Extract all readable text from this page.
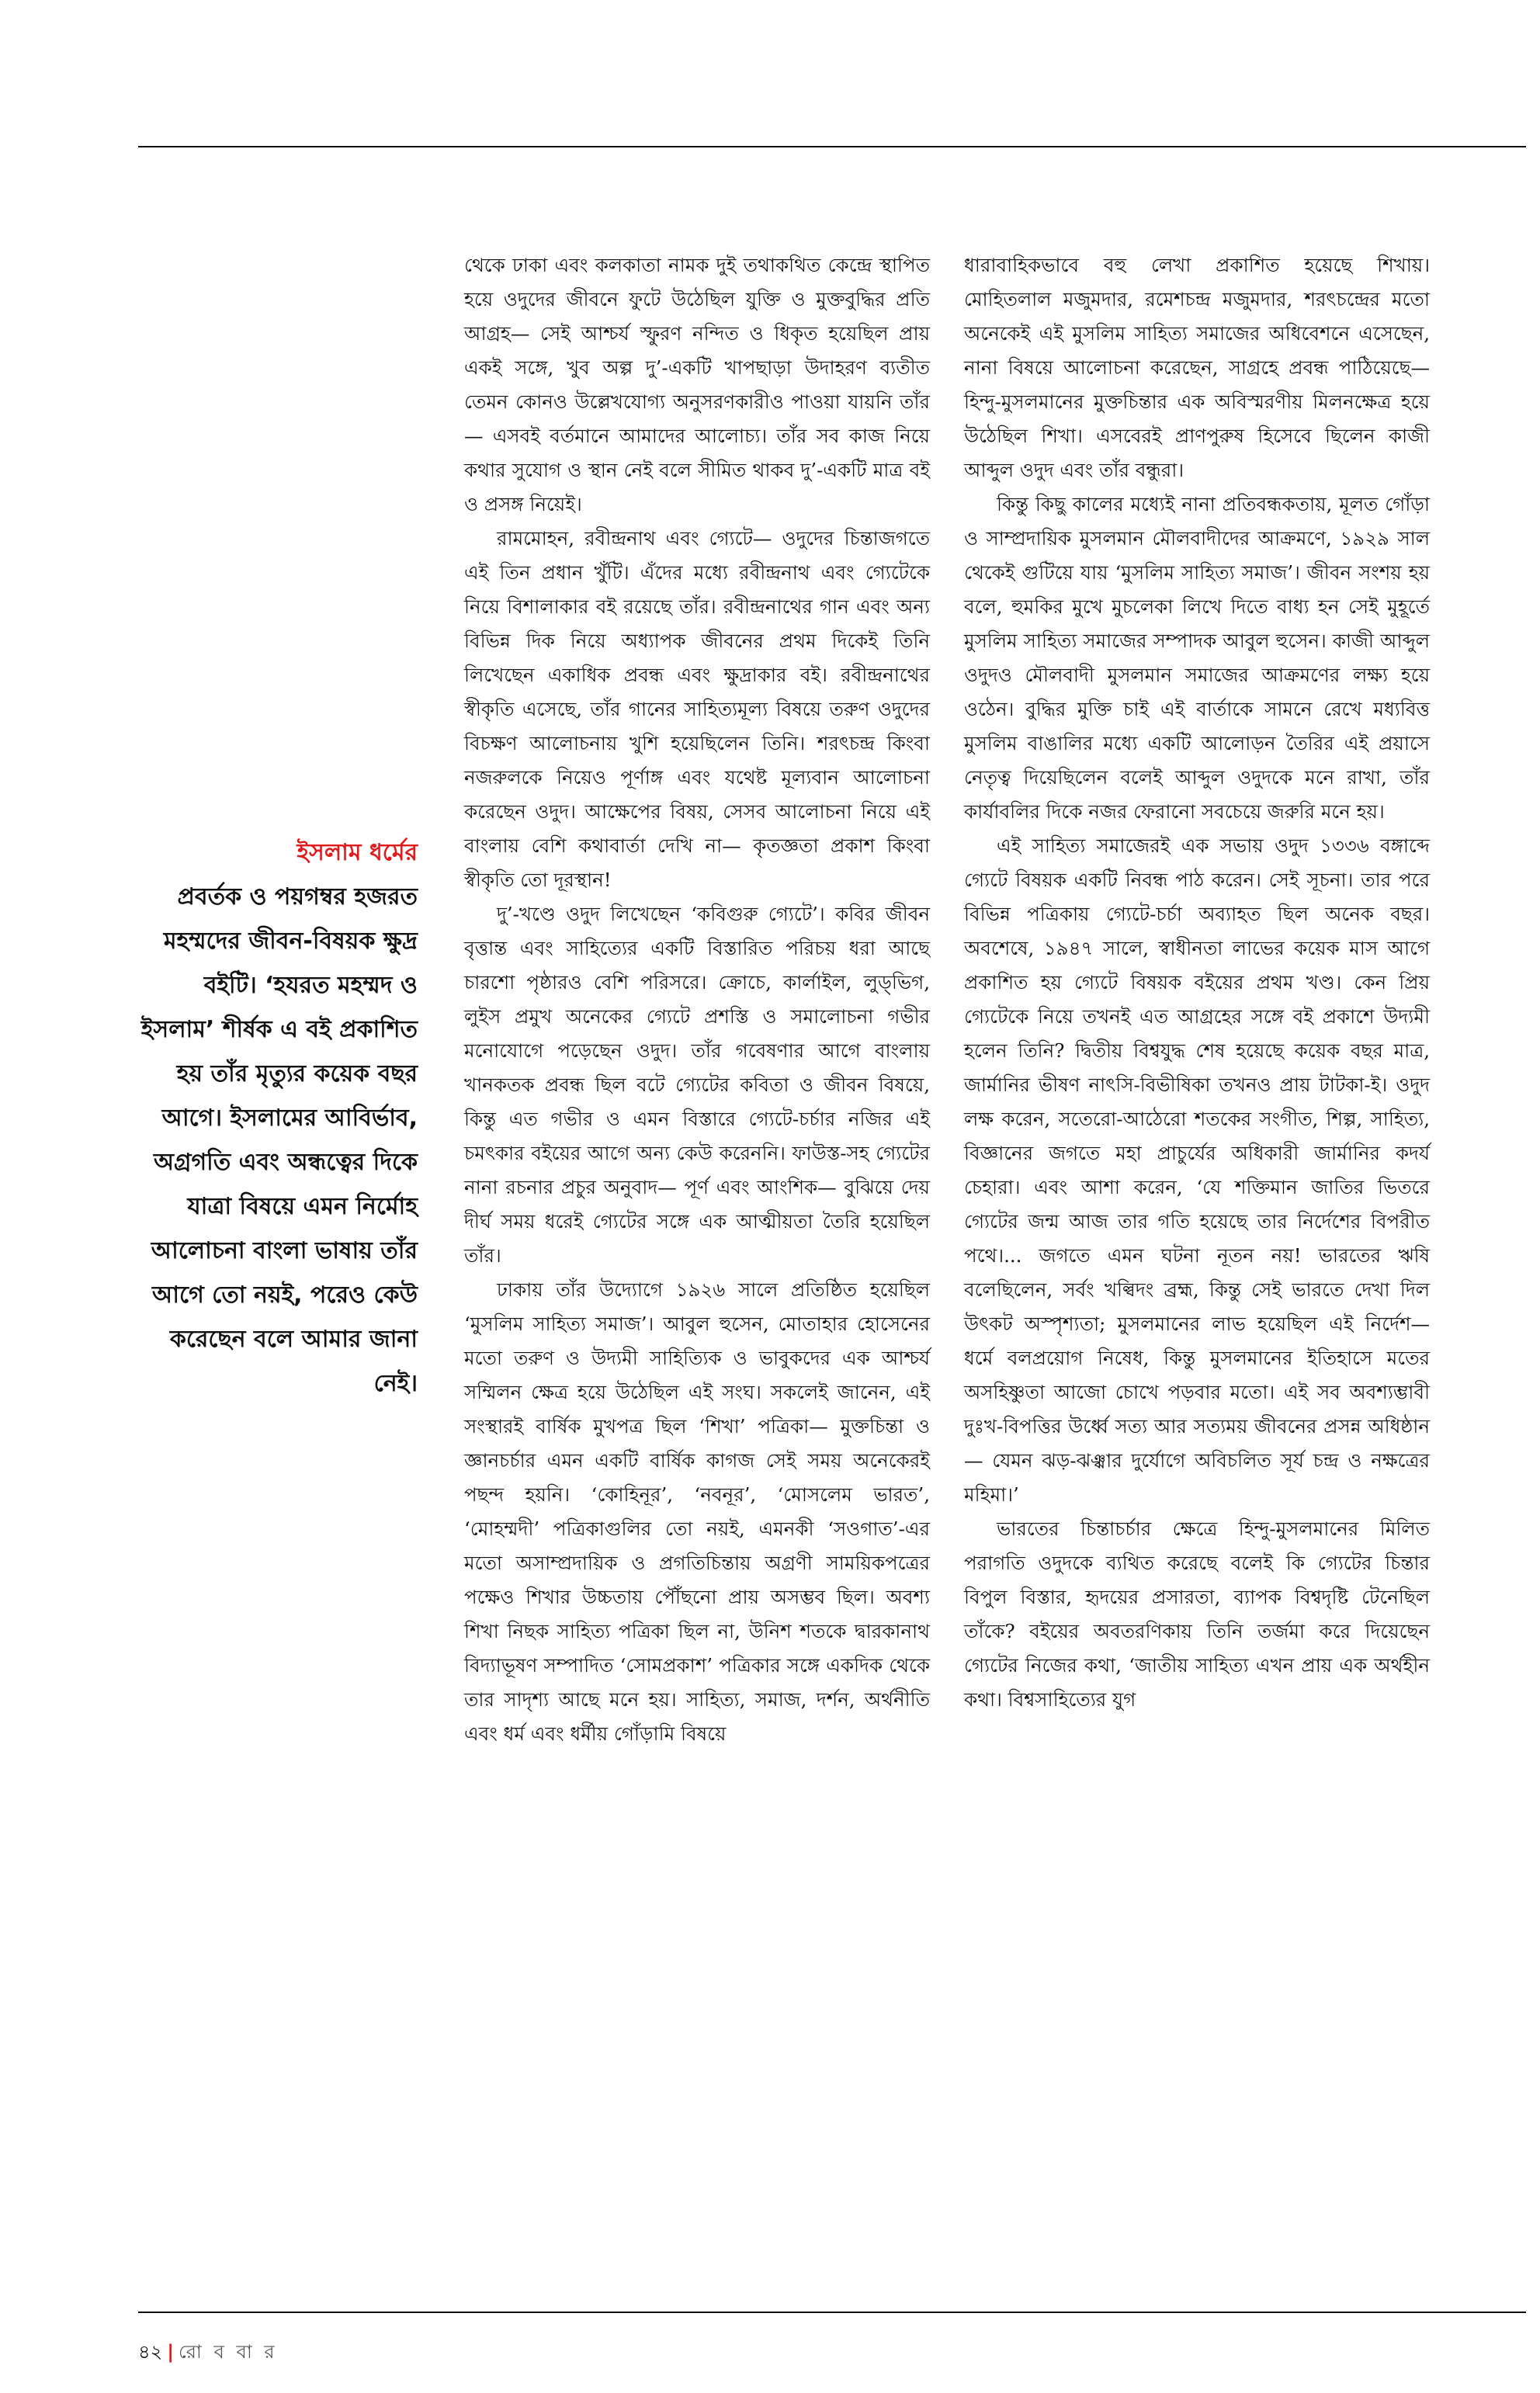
ইসলাম ধর্মের
প্রবর্তক ও পয়গম্বর হজরত মহম্মদের জীবন-বিষয়ক ক্ষুদ্র বইটি। ‘হযরত মহম্মদ ও ইসলাম’ শীর্ষক এ বই প্রকাশিত হয় তাঁর মৃত্যুর কয়েক বছর আগে। ইসলামের আবির্ভাব, অগ্রগতি এবং অন্ধত্বের দিকে যাত্রা বিষয়ে এমন নির্মোহ আলোচনা বাংলা ভাষায় তাঁর আগে তো নয়ই, পরেও কেউ করেছেন বলে আমার জানা নেই।

থেকে ঢাকা এবং কলকাতা নামক দুই তথাকথিত কেন্দ্রে স্থাপিত হয়ে ওদুদের জীবনে ফুটে উঠেছিল যুক্তি ও মুক্তবুদ্ধির প্রতি আগ্রহ— সেই আশ্চর্য স্ফুরণ নন্দিত ও ধিকৃত হয়েছিল প্রায় একই সঙ্গে, খুব অল্প দু’-একটি খাপছাড়া উদাহরণ ব্যতীত তেমন কোনও উল্লেখযোগ্য অনুসরণকারীও পাওয়া যায়নি তাঁর— এসবই বর্তমানে আমাদের আলোচ্য। তাঁর সব কাজ নিয়ে কথার সুযোগ ও স্থান নেই বলে সীমিত থাকব দু’-একটি মাত্র বই ও প্রসঙ্গ নিয়েই।

রামমোহন, রবীন্দ্রনাথ এবং গ্যেটে— ওদুদের চিন্তাজগতে এই তিন প্রধান খুঁটি। এঁদের মধ্যে রবীন্দ্রনাথ এবং গ্যেটেকে নিয়ে বিশালাকার বই রয়েছে তাঁর। রবীন্দ্রনাথের গান এবং অন্য বিভিন্ন দিক নিয়ে অধ্যাপক জীবনের প্রথম দিকেই তিনি লিখেছেন একাধিক প্রবন্ধ এবং ক্ষুদ্রাকার বই। রবীন্দ্রনাথের স্বীকৃতি এসেছে, তাঁর গানের সাহিত্যমূল্য বিষয়ে তরুণ ওদুদের বিচক্ষণ আলোচনায় খুশি হয়েছিলেন তিনি। শরৎচন্দ্র কিংবা নজরুলকে নিয়েও পূর্ণাঙ্গ এবং যথেষ্ট মূল্যবান আলোচনা করেছেন ওদুদ। আক্ষেপের বিষয়, সেসব আলোচনা নিয়ে এই বাংলায় বেশি কথাবার্তা দেখি না— কৃতজ্ঞতা প্রকাশ কিংবা স্বীকৃতি তো দূরস্থান!

দু’-খণ্ডে ওদুদ লিখেছেন ‘কবিগুরু গ্যেটে’। কবির জীবন বৃত্তান্ত এবং সাহিত্যের একটি বিস্তারিত পরিচয় ধরা আছে চারশো পৃষ্ঠারও বেশি পরিসরে। ক্রোচে, কার্লাইল, লুড্‌ভিগ, লুইস প্রমুখ অনেকের গ্যেটে প্রশস্তি ও সমালোচনা গভীর মনোযোগে পড়েছেন ওদুদ। তাঁর গবেষণার আগে বাংলায় খানকতক প্রবন্ধ ছিল বটে গ্যেটের কবিতা ও জীবন বিষয়ে, কিন্তু এত গভীর ও এমন বিস্তারে গ্যেটে-চর্চার নজির এই চমৎকার বইয়ের আগে অন্য কেউ করেননি। ফাউস্ত-সহ গ্যেটের নানা রচনার প্রচুর অনুবাদ— পূর্ণ এবং আংশিক— বুঝিয়ে দেয় দীর্ঘ সময় ধরেই গ্যেটের সঙ্গে এক আত্মীয়তা তৈরি হয়েছিল তাঁর।

ঢাকায় তাঁর উদ্যোগে ১৯২৬ সালে প্রতিষ্ঠিত হয়েছিল ‘মুসলিম সাহিত্য সমাজ’। আবুল হুসেন, মোতাহার হোসেনের মতো তরুণ ও উদ্যমী সাহিত্যিক ও ভাবুকদের এক আশ্চর্য সম্মিলন ক্ষেত্র হয়ে উঠেছিল এই সংঘ। সকলেই জানেন, এই সংস্থারই বার্ষিক মুখপত্র ছিল ‘শিখা’ পত্রিকা— মুক্তচিন্তা ও জ্ঞানচর্চার এমন একটি বার্ষিক কাগজ সেই সময় অনেকেরই পছন্দ হয়নি। ‘কোহিনূর’, ‘নবনূর’, ‘মোসলেম ভারত’, ‘মোহম্মদী’ পত্রিকাগুলির তো নয়ই, এমনকী ‘সওগাত’-এর মতো অসাম্প্রদায়িক ও প্রগতিচিন্তায় অগ্রণী সাময়িকপত্রের পক্ষেও শিখার উচ্চতায় পৌঁছনো প্রায় অসম্ভব ছিল। অবশ্য শিখা নিছক সাহিত্য পত্রিকা ছিল না, উনিশ শতকে দ্বারকানাথ বিদ্যাভূষণ সম্পাদিত ‘সোমপ্রকাশ’ পত্রিকার সঙ্গে একদিক থেকে তার সাদৃশ্য আছে মনে হয়। সাহিত্য, সমাজ, দর্শন, অর্থনীতি এবং ধর্ম এবং ধর্মীয় গোঁড়ামি বিষয়ে

ধারাবাহিকভাবে বহু লেখা প্রকাশিত হয়েছে শিখায়। মোহিতলাল মজুমদার, রমেশচন্দ্র মজুমদার, শরৎচন্দ্রের মতো অনেকেই এই মুসলিম সাহিত্য সমাজের অধিবেশনে এসেছেন, নানা বিষয়ে আলোচনা করেছেন, সাগ্রহে প্রবন্ধ পাঠিয়েছে— হিন্দু-মুসলমানের মুক্তচিন্তার এক অবিস্মরণীয় মিলনক্ষেত্র হয়ে উঠেছিল শিখা। এসবেরই প্রাণপুরুষ হিসেবে ছিলেন কাজী আব্দুল ওদুদ এবং তাঁর বন্ধুরা।

কিন্তু কিছু কালের মধ্যেই নানা প্রতিবন্ধকতায়, মূলত গোঁড়া ও সাম্প্রদায়িক মুসলমান মৌলবাদীদের আক্রমণে, ১৯২৯ সাল থেকেই গুটিয়ে যায় ‘মুসলিম সাহিত্য সমাজ’। জীবন সংশয় হয় বলে, হুমকির মুখে মুচলেকা লিখে দিতে বাধ্য হন সেই মুহূর্তে মুসলিম সাহিত্য সমাজের সম্পাদক আবুল হুসেন। কাজী আব্দুল ওদুদও মৌলবাদী মুসলমান সমাজের আক্রমণের লক্ষ্য হয়ে ওঠেন। বুদ্ধির মুক্তি চাই এই বার্তাকে সামনে রেখে মধ্যবিত্ত মুসলিম বাঙালির মধ্যে একটি আলোড়ন তৈরির এই প্রয়াসে নেতৃত্ব দিয়েছিলেন বলেই আব্দুল ওদুদকে মনে রাখা, তাঁর কার্যাবলির দিকে নজর ফেরানো সবচেয়ে জরুরি মনে হয়।

এই সাহিত্য সমাজেরই এক সভায় ওদুদ ১৩৩৬ বঙ্গাব্দে গ্যেটে বিষয়ক একটি নিবন্ধ পাঠ করেন। সেই সূচনা। তার পরে বিভিন্ন পত্রিকায় গ্যেটে-চর্চা অব্যাহত ছিল অনেক বছর। অবশেষে, ১৯৪৭ সালে, স্বাধীনতা লাভের কয়েক মাস আগে প্রকাশিত হয় গ্যেটে বিষয়ক বইয়ের প্রথম খণ্ড। কেন প্রিয় গ্যেটেকে নিয়ে তখনই এত আগ্রহের সঙ্গে বই প্রকাশে উদ্যমী হলেন তিনি? দ্বিতীয় বিশ্বযুদ্ধ শেষ হয়েছে কয়েক বছর মাত্র, জার্মানির ভীষণ নাৎসি-বিভীষিকা তখনও প্রায় টাটকা-ই। ওদুদ লক্ষ করেন, সতেরো-আঠেরো শতকের সংগীত, শিল্প, সাহিত্য, বিজ্ঞানের জগতে মহা প্রাচুর্যের অধিকারী জার্মানির কদর্য চেহারা। এবং আশা করেন, ‘যে শক্তিমান জাতির ভিতরে গ্যেটের জন্ম আজ তার গতি হয়েছে তার নির্দেশের বিপরীত পথে।... জগতে এমন ঘটনা নূতন নয়! ভারতের ঋষি বলেছিলেন, সর্বং খল্বিদং ব্রহ্ম, কিন্তু সেই ভারতে দেখা দিল উৎকট অস্পৃশ্যতা; মুসলমানের লাভ হয়েছিল এই নির্দেশ— ধর্মে বলপ্রয়োগ নিষেধ, কিন্তু মুসলমানের ইতিহাসে মতের অসহিষ্ণুতা আজো চোখে পড়বার মতো। এই সব অবশ্যম্ভাবী দুঃখ-বিপত্তির উর্ধ্বে সত্য আর সত্যময় জীবনের প্রসন্ন অধিষ্ঠান— যেমন ঝড়-ঝঞ্ঝার দুর্যোগে অবিচলিত সূর্য চন্দ্র ও নক্ষত্রের মহিমা।’

ভারতের চিন্তাচর্চার ক্ষেত্রে হিন্দু-মুসলমানের মিলিত পরাগতি ওদুদকে ব্যথিত করেছে বলেই কি গ্যেটের চিন্তার বিপুল বিস্তার, হৃদয়ের প্রসারতা, ব্যাপক বিশ্বদৃষ্টি টেনেছিল তাঁকে? বইয়ের অবতরণিকায় তিনি তর্জমা করে দিয়েছেন গ্যেটের নিজের কথা, ‘জাতীয় সাহিত্য এখন প্রায় এক অর্থহীন কথা। বিশ্বসাহিত্যের যুগ

৪২ | রো ব বা র
